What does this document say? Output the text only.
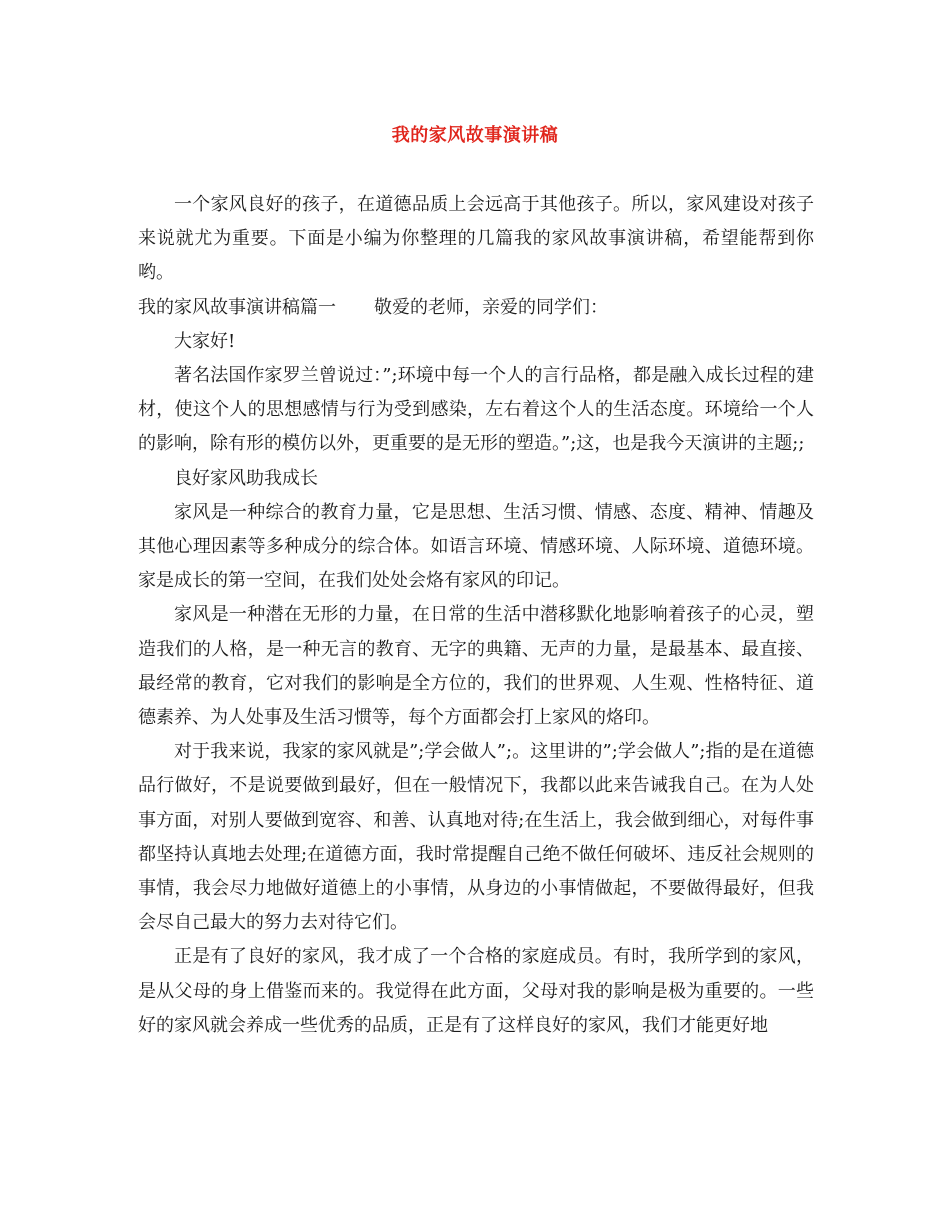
我的家风故事演讲稿

一个家风良好的孩子，在道德品质上会远高于其他孩子。所以，家风建设对孩子来说就尤为重要。下面是小编为你整理的几篇我的家风故事演讲稿，希望能帮到你哟。

我的家风故事演讲稿篇一 敬爱的老师，亲爱的同学们：

大家好!

著名法国作家罗兰曾说过：”;环境中每一个人的言行品格，都是融入成长过程的建材，使这个人的思想感情与行为受到感染，左右着这个人的生活态度。环境给一个人的影响，除有形的模仿以外，更重要的是无形的塑造。”;这，也是我今天演讲的主题;;

良好家风助我成长

家风是一种综合的教育力量，它是思想、生活习惯、情感、态度、精神、情趣及其他心理因素等多种成分的综合体。如语言环境、情感环境、人际环境、道德环境。家是成长的第一空间，在我们处处会烙有家风的印记。

家风是一种潜在无形的力量，在日常的生活中潜移默化地影响着孩子的心灵，塑造我们的人格，是一种无言的教育、无字的典籍、无声的力量，是最基本、最直接、最经常的教育，它对我们的影响是全方位的，我们的世界观、人生观、性格特征、道德素养、为人处事及生活习惯等，每个方面都会打上家风的烙印。

对于我来说，我家的家风就是”;学会做人”;。这里讲的”;学会做人”;指的是在道德品行做好，不是说要做到最好，但在一般情况下，我都以此来告诫我自己。在为人处事方面，对别人要做到宽容、和善、认真地对待;在生活上，我会做到细心，对每件事都坚持认真地去处理;在道德方面，我时常提醒自己绝不做任何破坏、违反社会规则的事情，我会尽力地做好道德上的小事情，从身边的小事情做起，不要做得最好，但我会尽自己最大的努力去对待它们。

正是有了良好的家风，我才成了一个合格的家庭成员。有时，我所学到的家风，是从父母的身上借鉴而来的。我觉得在此方面，父母对我的影响是极为重要的。一些好的家风就会养成一些优秀的品质，正是有了这样良好的家风，我们才能更好地
